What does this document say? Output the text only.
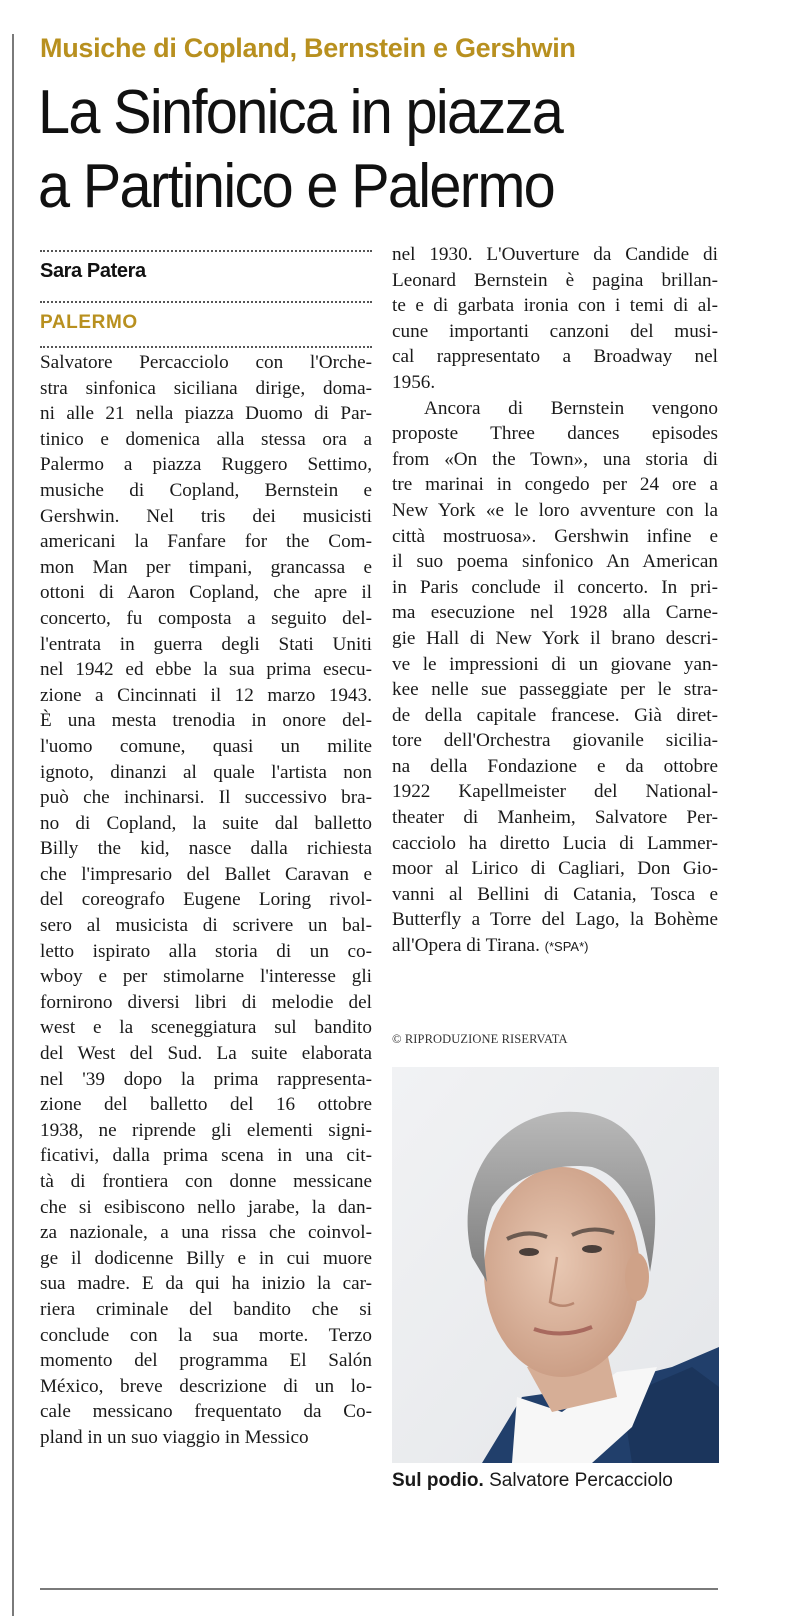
Musiche di Copland, Bernstein e Gershwin
La Sinfonica in piazza
a Partinico e Palermo
Sara Patera
PALERMO
Salvatore Percacciolo con l'Orche-
stra sinfonica siciliana dirige, doma-
ni alle 21 nella piazza Duomo di Par-
tinico e domenica alla stessa ora a
Palermo a piazza Ruggero Settimo,
musiche di Copland, Bernstein e
Gershwin. Nel tris dei musicisti
americani la Fanfare for the Com-
mon Man per timpani, grancassa e
ottoni di Aaron Copland, che apre il
concerto, fu composta a seguito del-
l'entrata in guerra degli Stati Uniti
nel 1942 ed ebbe la sua prima esecu-
zione a Cincinnati il 12 marzo 1943.
È una mesta trenodia in onore del-
l'uomo comune, quasi un milite
ignoto, dinanzi al quale l'artista non
può che inchinarsi. Il successivo bra-
no di Copland, la suite dal balletto
Billy the kid, nasce dalla richiesta
che l'impresario del Ballet Caravan e
del coreografo Eugene Loring rivol-
sero al musicista di scrivere un bal-
letto ispirato alla storia di un co-
wboy e per stimolarne l'interesse gli
fornirono diversi libri di melodie del
west e la sceneggiatura sul bandito
del West del Sud. La suite elaborata
nel '39 dopo la prima rappresenta-
zione del balletto del 16 ottobre
1938, ne riprende gli elementi signi-
ficativi, dalla prima scena in una cit-
tà di frontiera con donne messicane
che si esibiscono nello jarabe, la dan-
za nazionale, a una rissa che coinvol-
ge il dodicenne Billy e in cui muore
sua madre. E da qui ha inizio la car-
riera criminale del bandito che si
conclude con la sua morte. Terzo
momento del programma El Salón
México, breve descrizione di un lo-
cale messicano frequentato da Co-
pland in un suo viaggio in Messico
nel 1930. L'Ouverture da Candide di
Leonard Bernstein è pagina brillan-
te e di garbata ironia con i temi di al-
cune importanti canzoni del musi-
cal rappresentato a Broadway nel
1956.
Ancora di Bernstein vengono
proposte Three dances episodes
from «On the Town», una storia di
tre marinai in congedo per 24 ore a
New York «e le loro avventure con la
città mostruosa». Gershwin infine e
il suo poema sinfonico An American
in Paris conclude il concerto. In pri-
ma esecuzione nel 1928 alla Carne-
gie Hall di New York il brano descri-
ve le impressioni di un giovane yan-
kee nelle sue passeggiate per le stra-
de della capitale francese. Già diret-
tore dell'Orchestra giovanile sicilia-
na della Fondazione e da ottobre
1922 Kapellmeister del National-
theater di Manheim, Salvatore Per-
cacciolo ha diretto Lucia di Lammer-
moor al Lirico di Cagliari, Don Gio-
vanni al Bellini di Catania, Tosca e
Butterfly a Torre del Lago, la Bohème
all'Opera di Tirana. (*SPA*)
© RIPRODUZIONE RISERVATA
Sul podio. Salvatore Percacciolo
